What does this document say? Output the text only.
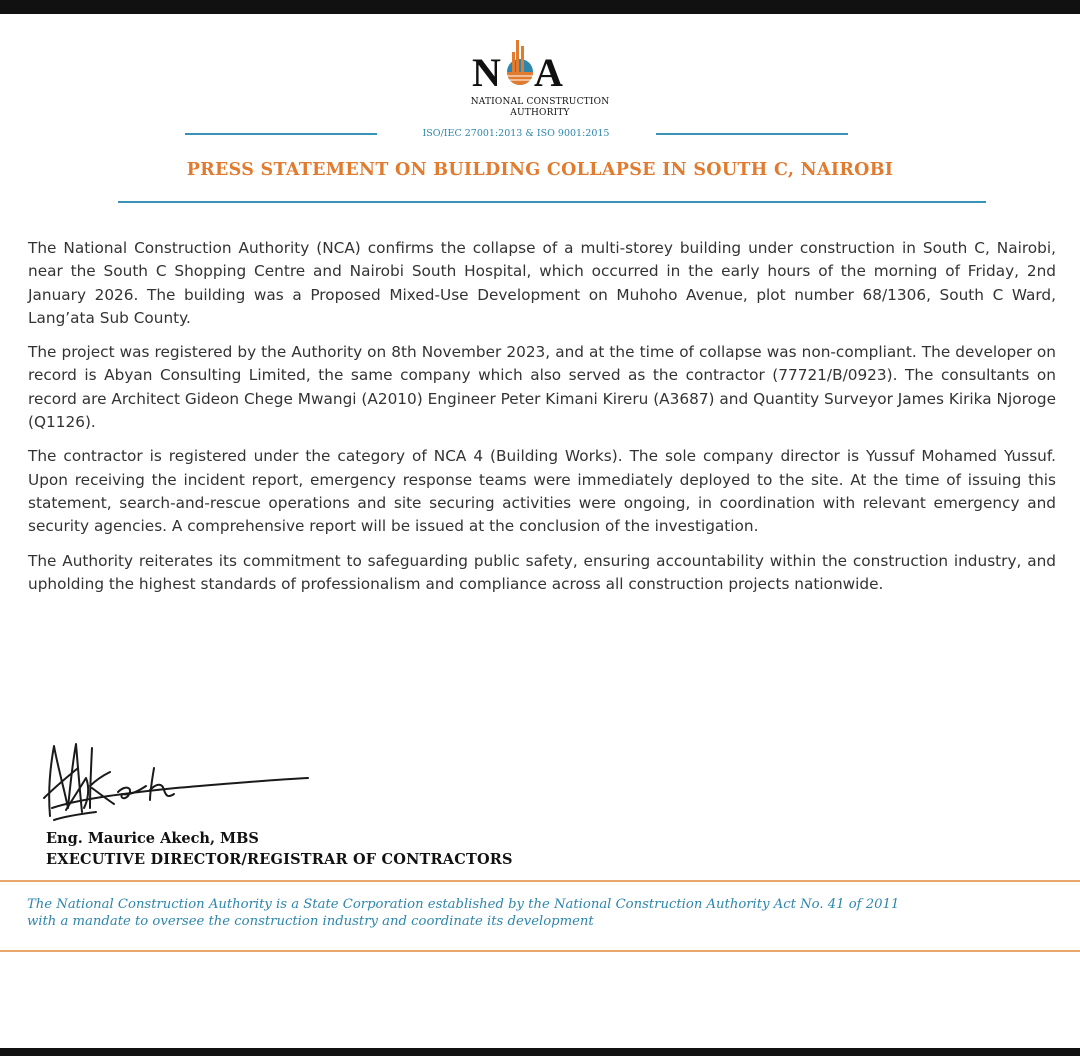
N A
NATIONAL CONSTRUCTION
AUTHORITY
ISO/IEC 27001:2013 & ISO 9001:2015
PRESS STATEMENT ON BUILDING COLLAPSE IN SOUTH C, NAIROBI

The National Construction Authority (NCA) confirms the collapse of a multi-storey building under construction in South C, Nairobi, near the South C Shopping Centre and Nairobi South Hospital, which occurred in the early hours of the morning of Friday, 2nd January 2026. The building was a Proposed Mixed-Use Development on Muhoho Avenue, plot number 68/1306, South C Ward, Lang’ata Sub County.

The project was registered by the Authority on 8th November 2023, and at the time of collapse was non-compliant. The developer on record is Abyan Consulting Limited, the same company which also served as the contractor (77721/B/0923). The consultants on record are Architect Gideon Chege Mwangi (A2010) Engineer Peter Kimani Kireru (A3687) and Quantity Surveyor James Kirika Njoroge (Q1126).

The contractor is registered under the category of NCA 4 (Building Works). The sole company director is Yussuf Mohamed Yussuf. Upon receiving the incident report, emergency response teams were immediately deployed to the site. At the time of issuing this statement, search-and-rescue operations and site securing activities were ongoing, in coordination with relevant emergency and security agencies. A comprehensive report will be issued at the conclusion of the investigation.

The Authority reiterates its commitment to safeguarding public safety, ensuring accountability within the construction industry, and upholding the highest standards of professionalism and compliance across all construction projects nationwide.

Eng. Maurice Akech, MBS
EXECUTIVE DIRECTOR/REGISTRAR OF CONTRACTORS
The National Construction Authority is a State Corporation established by the National Construction Authority Act No. 41 of 2011
with a mandate to oversee the construction industry and coordinate its development
